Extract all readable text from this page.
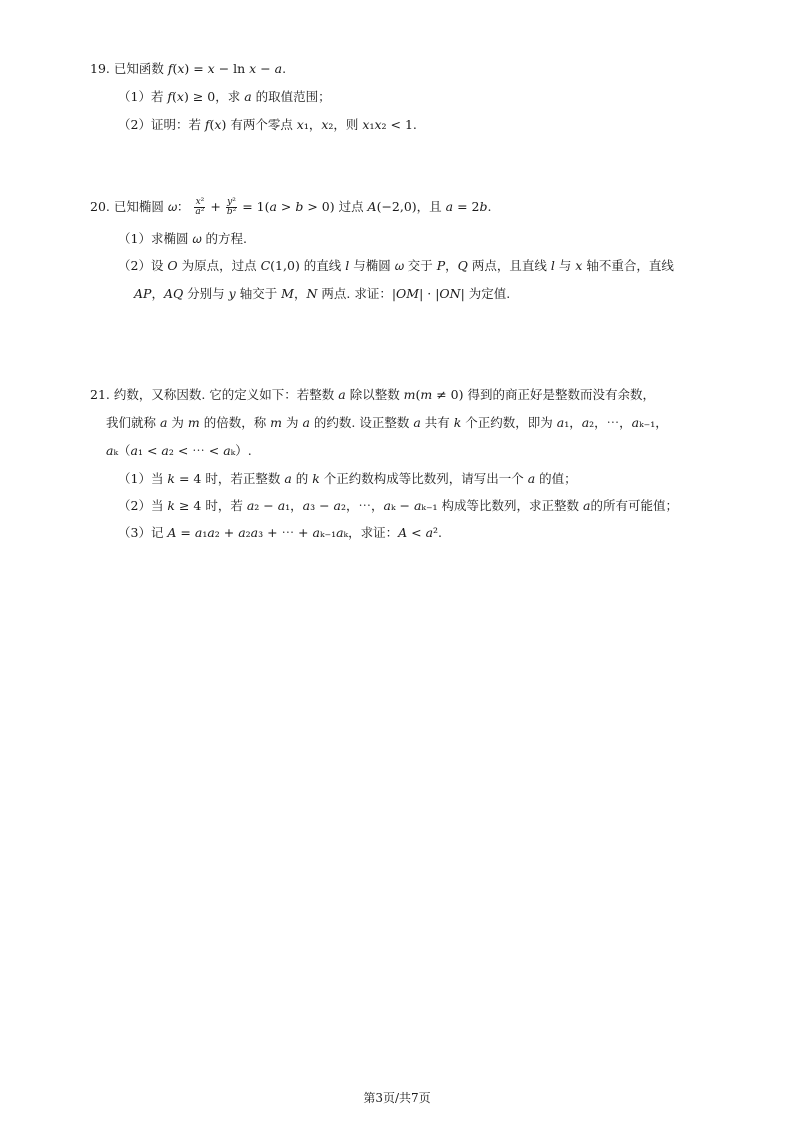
19. 已知函数 𝑓(𝑥) = 𝑥 − ln 𝑥 − 𝑎.
（1）若 𝑓(𝑥) ≥ 0，求 𝑎 的取值范围；
（2）证明：若 𝑓(𝑥) 有两个零点 𝑥₁，𝑥₂，则 𝑥₁𝑥₂ < 1.
20. 已知椭圆 𝜔： $\frac{\text{𝑥²}}{\text{𝑎²}} + \frac{\text{𝑦²}}{\text{𝑏²}}$ = 1(𝑎 > 𝑏 > 0) 过点 𝐴(−2,0)，且 𝑎 = 2𝑏.
（1）求椭圆 𝜔 的方程.
（2）设 𝑂 为原点，过点 𝐶(1,0) 的直线 𝑙 与椭圆 𝜔 交于 𝑃，𝑄 两点，且直线 𝑙 与 𝑥 轴不重合，直线
𝐴𝑃，𝐴𝑄 分别与 𝑦 轴交于 𝑀，𝑁 两点. 求证：|𝑂𝑀| · |𝑂𝑁| 为定值.
21. 约数，又称因数. 它的定义如下：若整数 𝑎 除以整数 𝑚(𝑚 ≠ 0) 得到的商正好是整数而没有余数，
我们就称 𝑎 为 𝑚 的倍数，称 𝑚 为 𝑎 的约数. 设正整数 𝑎 共有 𝑘 个正约数，即为 𝑎₁，𝑎₂，⋯，𝑎ₖ₋₁，
𝑎ₖ（𝑎₁ < 𝑎₂ < ⋯ < 𝑎ₖ）.
（1）当 𝑘 = 4 时，若正整数 𝑎 的 𝑘 个正约数构成等比数列，请写出一个 𝑎 的值；
（2）当 𝑘 ≥ 4 时，若 𝑎₂ − 𝑎₁，𝑎₃ − 𝑎₂，⋯，𝑎ₖ − 𝑎ₖ₋₁ 构成等比数列，求正整数 𝑎的所有可能值；
（3）记 𝐴 = 𝑎₁𝑎₂ + 𝑎₂𝑎₃ + ⋯ + 𝑎ₖ₋₁𝑎ₖ，求证：𝐴 < 𝑎².
第3页/共7页
